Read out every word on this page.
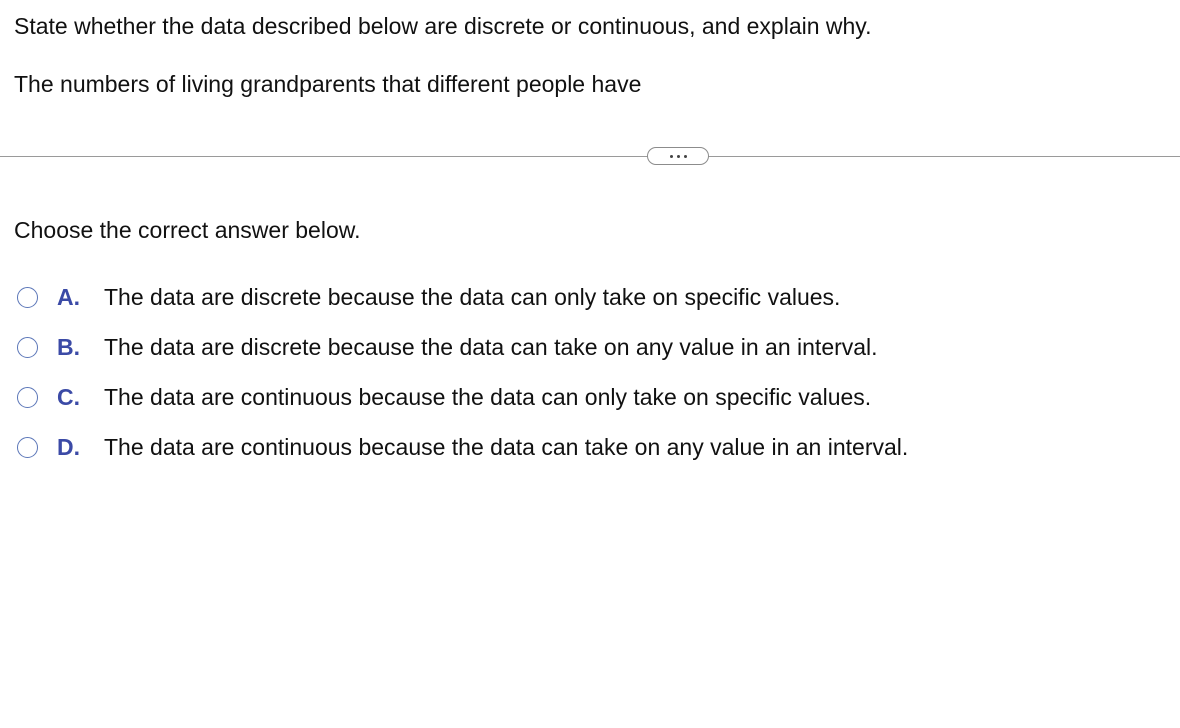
State whether the data described below are discrete or continuous, and explain why.

The numbers of living grandparents that different people have

Choose the correct answer below.

A.	The data are discrete because the data can only take on specific values.
B.	The data are discrete because the data can take on any value in an interval.
C.	The data are continuous because the data can only take on specific values.
D.	The data are continuous because the data can take on any value in an interval.
